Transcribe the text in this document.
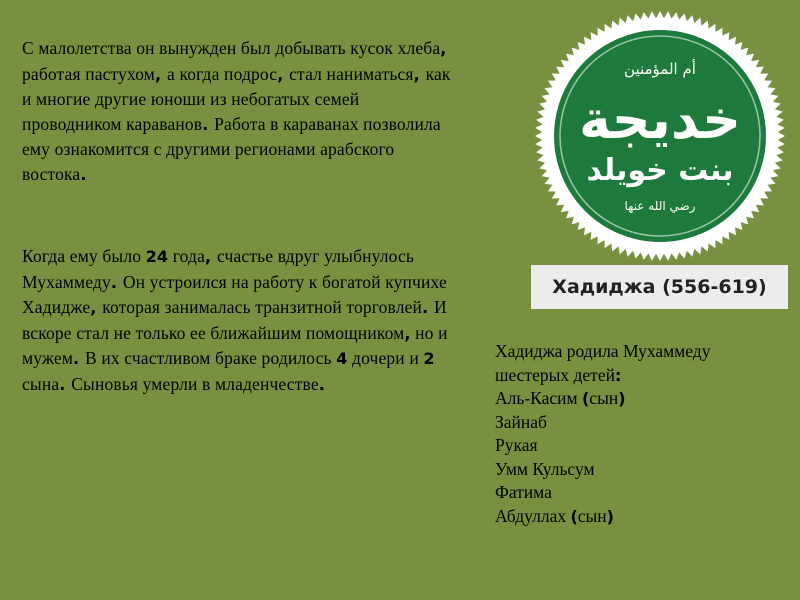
С малолетства он вынужден был добывать кусок хлеба, работая пастухом, а когда подрос, стал наниматься, как и многие другие юноши из небогатых семей проводником караванов. Работа в караванах позволила ему ознакомится с другими регионами арабского востока.

Когда ему было 24 года, счастье вдруг улыбнулось Мухаммеду. Он устроился на работу к богатой купчихе Хадидже, которая занималась транзитной торговлей. И вскоре стал не только ее ближайшим помощником, но и мужем. В их счастливом браке родилось 4 дочери и 2 сына. Сыновья умерли в младенчестве.

أم المؤمنين
خديجة
بنت خويلد
رضي الله عنها
Хадиджа (556-619)
Хадиджа родила Мухаммеду
шестерых детей:
Аль-Касим (сын)
Зайнаб
Рукая
Умм Кульсум
Фатима
Абдуллах (сын)
